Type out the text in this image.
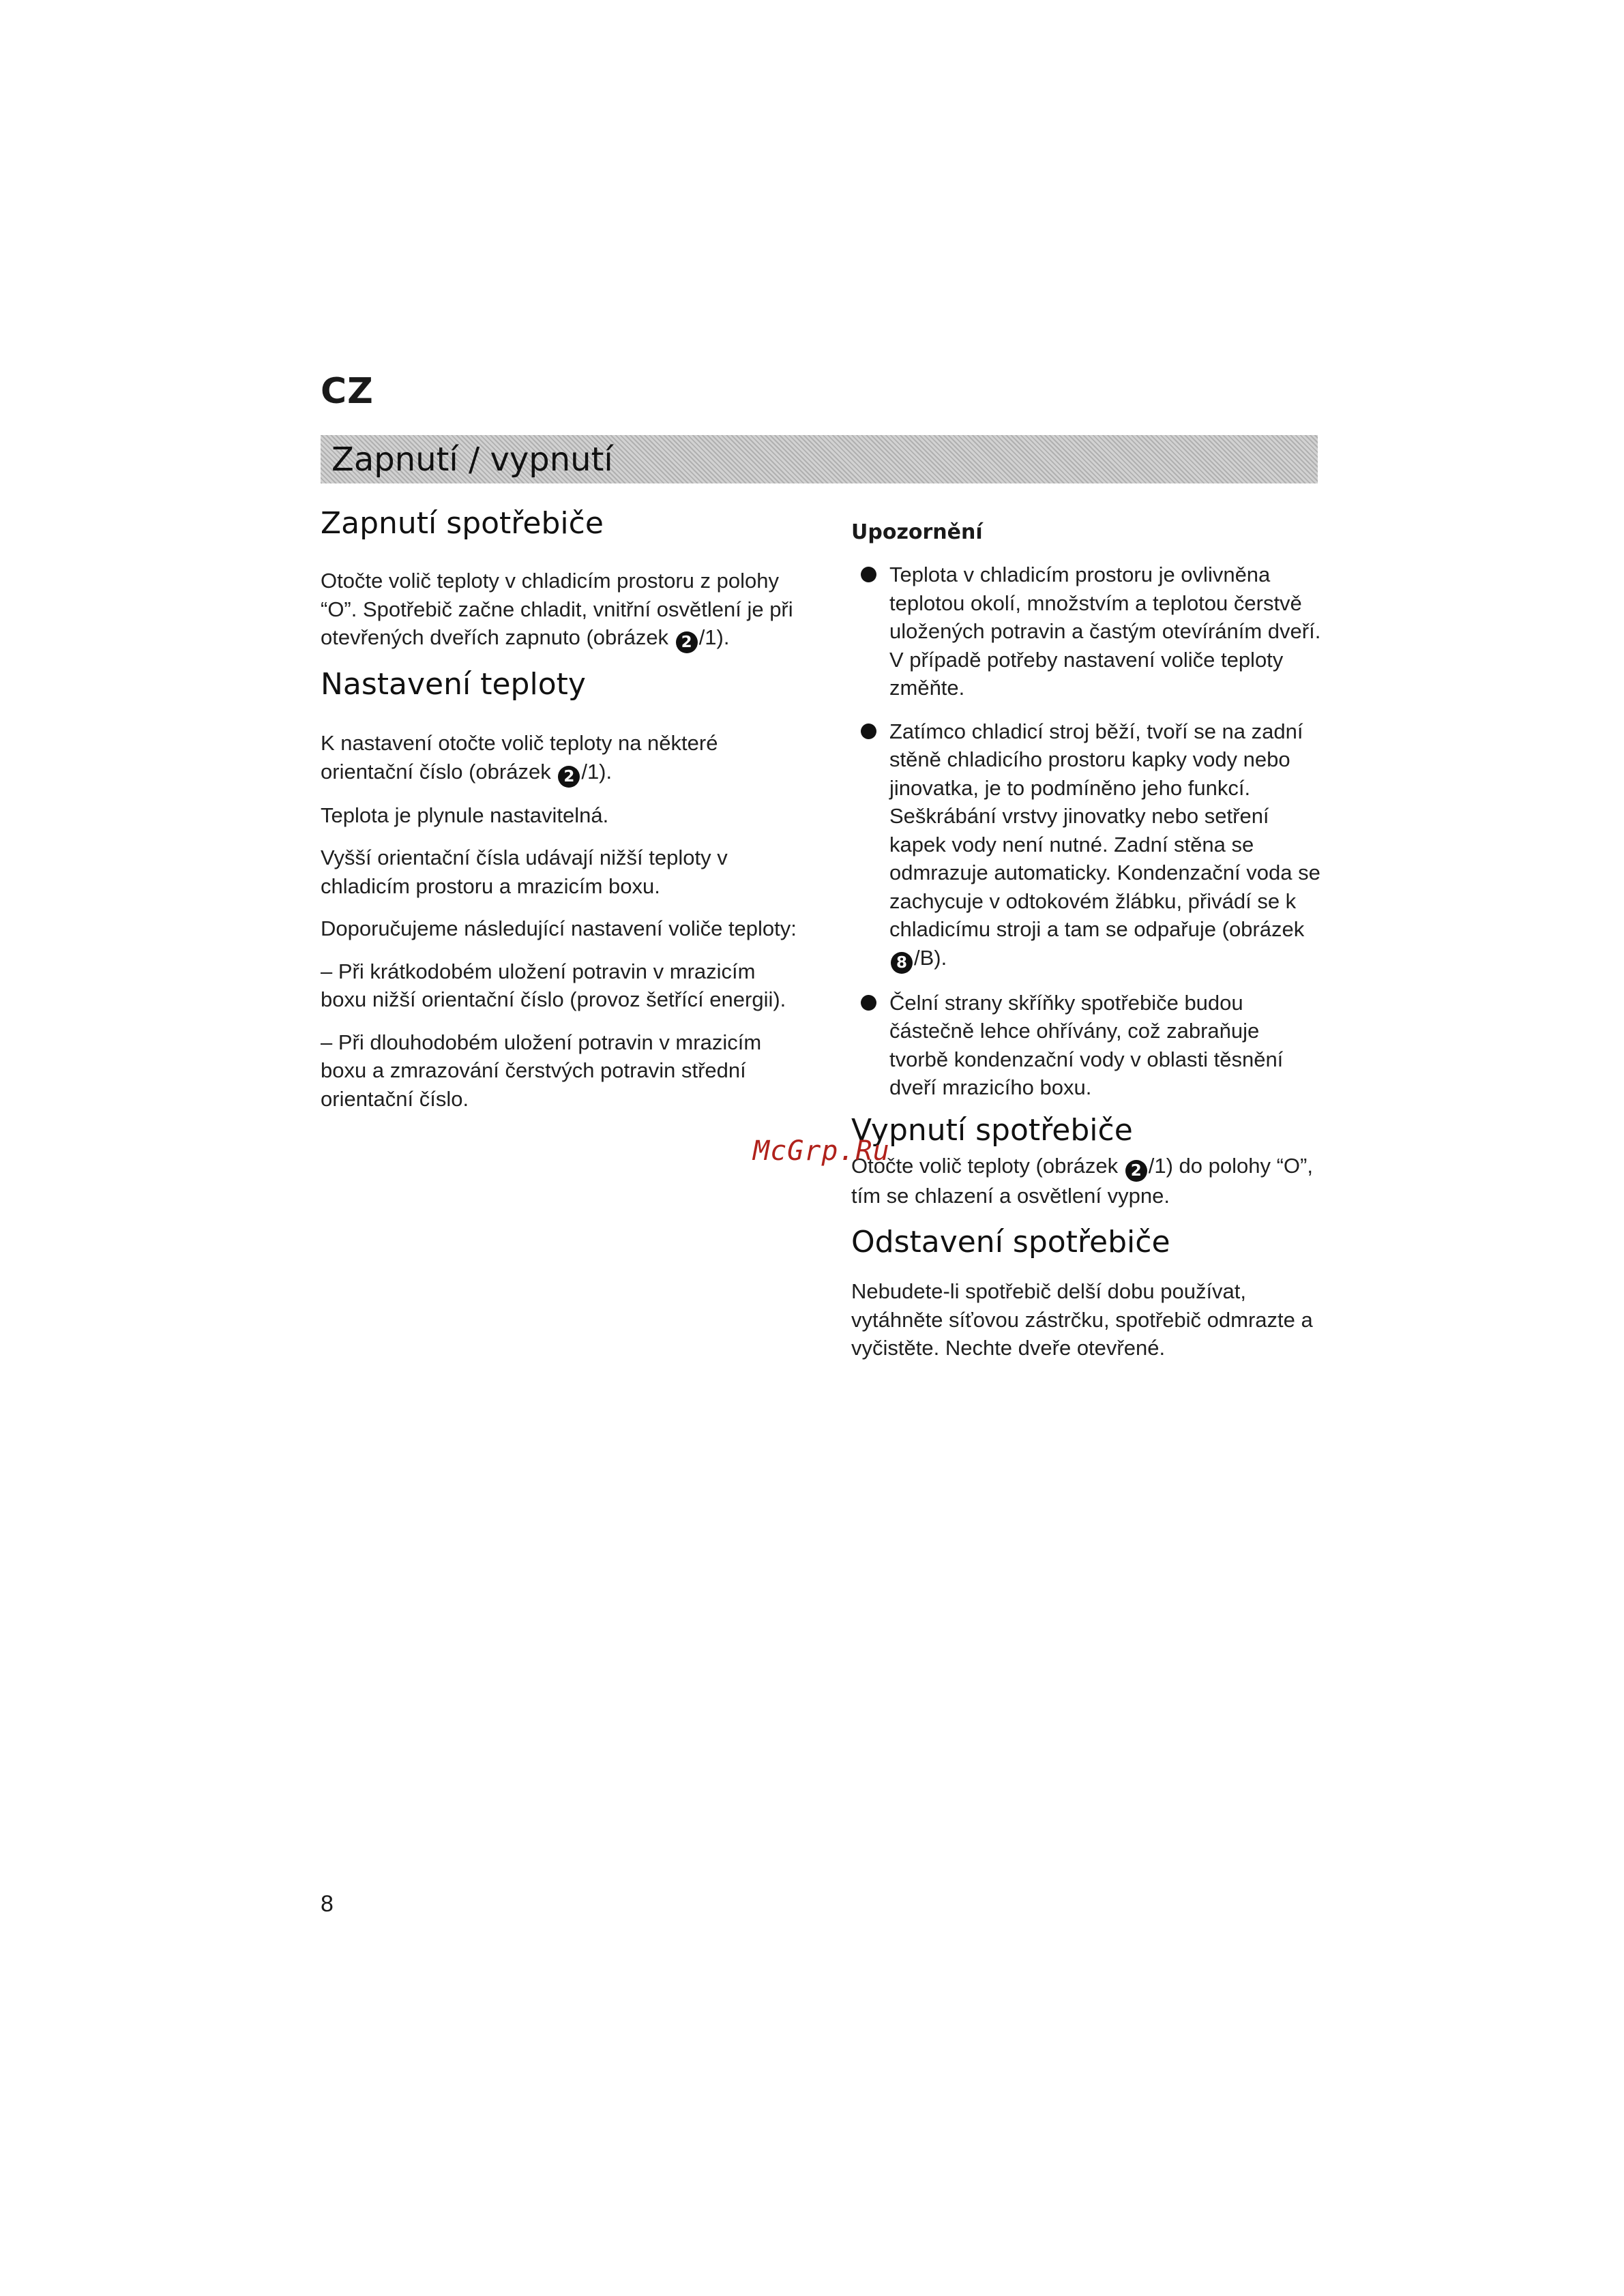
CZ
Zapnutí / vypnutí
Zapnutí spotřebiče

Otočte volič teploty v chladicím prostoru z polohy “O”. Spotřebič začne chladit, vnitřní osvětlení je při otevřených dveřích zapnuto (obrázek 2 /1).

Nastavení teploty

K nastavení otočte volič teploty na některé orientační číslo (obrázek 2 /1).

Teplota je plynule nastavitelná.

Vyšší orientační čísla udávají nižší teploty v chladicím prostoru a mrazicím boxu.

Doporučujeme následující nastavení voliče teploty:

– Při krátkodobém uložení potravin v mrazicím boxu nižší orientační číslo (provoz šetřící energii).

– Při dlouhodobém uložení potravin v mrazicím boxu a zmrazování čerstvých potravin střední orientační číslo.

Upozornění

Teplota v chladicím prostoru je ovlivněna teplotou okolí, množstvím a teplotou čerstvě uložených potravin a častým otevíráním dveří. V případě potřeby nastavení voliče teploty změňte.

Zatímco chladicí stroj běží, tvoří se na zadní stěně chladicího prostoru kapky vody nebo jinovatka, je to podmíněno jeho funkcí. Seškrábání vrstvy jinovatky nebo setření kapek vody není nutné. Zadní stěna se odmrazuje automaticky. Kondenzační voda se zachycuje v odtokovém žlábku, přivádí se k chladicímu stroji a tam se odpařuje (obrázek 8 /B).

Čelní strany skříňky spotřebiče budou částečně lehce ohřívány, což zabraňuje tvorbě kondenzační vody v oblasti těsnění dveří mrazicího boxu.

Vypnutí spotřebiče

Otočte volič teploty (obrázek 2 /1) do polohy “O”, tím se chlazení a osvětlení vypne.

Odstavení spotřebiče

Nebudete-li spotřebič delší dobu používat, vytáhněte síťovou zástrčku, spotřebič odmrazte a vyčistěte. Nechte dveře otevřené.

McGrp.Ru
8
